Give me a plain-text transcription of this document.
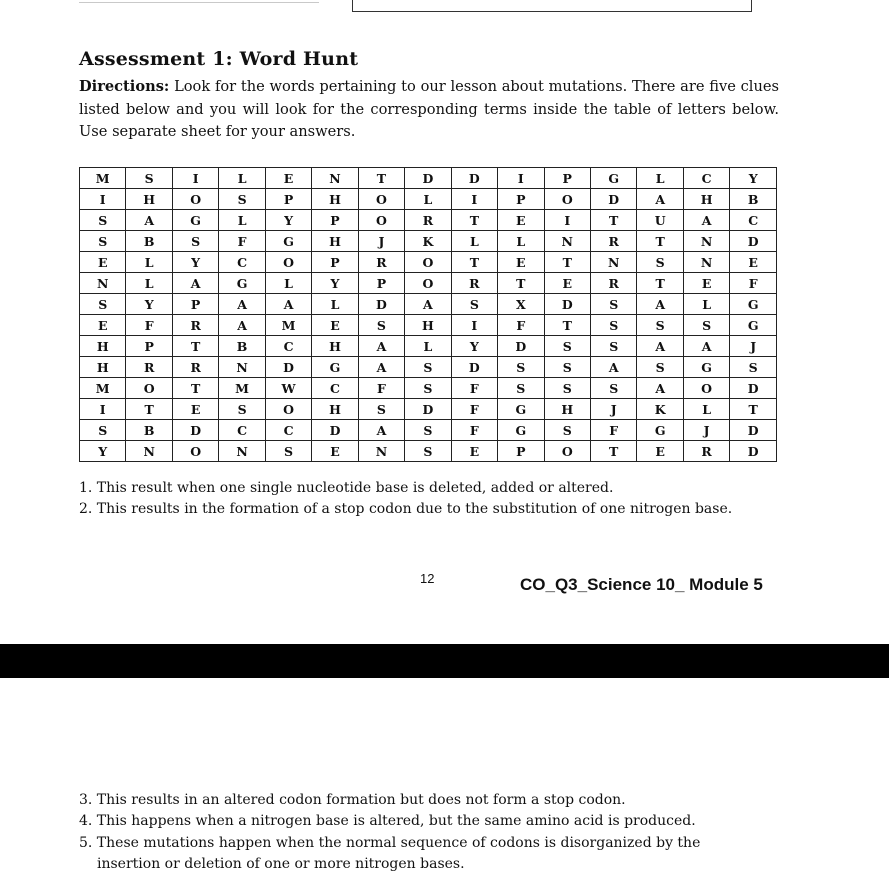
Assessment 1: Word Hunt
Directions: Look for the words pertaining to our lesson about mutations. There are five clues listed below and you will look for the corresponding terms inside the table of letters below. Use separate sheet for your answers.
M	S	I	L	E	N	T	D	D	I	P	G	L	C	Y
I	H	O	S	P	H	O	L	I	P	O	D	A	H	B
S	A	G	L	Y	P	O	R	T	E	I	T	U	A	C
S	B	S	F	G	H	J	K	L	L	N	R	T	N	D
E	L	Y	C	O	P	R	O	T	E	T	N	S	N	E
N	L	A	G	L	Y	P	O	R	T	E	R	T	E	F
S	Y	P	A	A	L	D	A	S	X	D	S	A	L	G
E	F	R	A	M	E	S	H	I	F	T	S	S	S	G
H	P	T	B	C	H	A	L	Y	D	S	S	A	A	J
H	R	R	N	D	G	A	S	D	S	S	A	S	G	S
M	O	T	M	W	C	F	S	F	S	S	S	A	O	D
I	T	E	S	O	H	S	D	F	G	H	J	K	L	T
S	B	D	C	C	D	A	S	F	G	S	F	G	J	D
Y	N	O	N	S	E	N	S	E	P	O	T	E	R	D
1. This result when one single nucleotide base is deleted, added or altered.
2. This results in the formation of a stop codon due to the substitution of one nitrogen base.
12	CO_Q3_Science 10_ Module 5
3. This results in an altered codon formation but does not form a stop codon.
4. This happens when a nitrogen base is altered, but the same amino acid is produced.
5. These mutations happen when the normal sequence of codons is disorganized by the
insertion or deletion of one or more nitrogen bases.
